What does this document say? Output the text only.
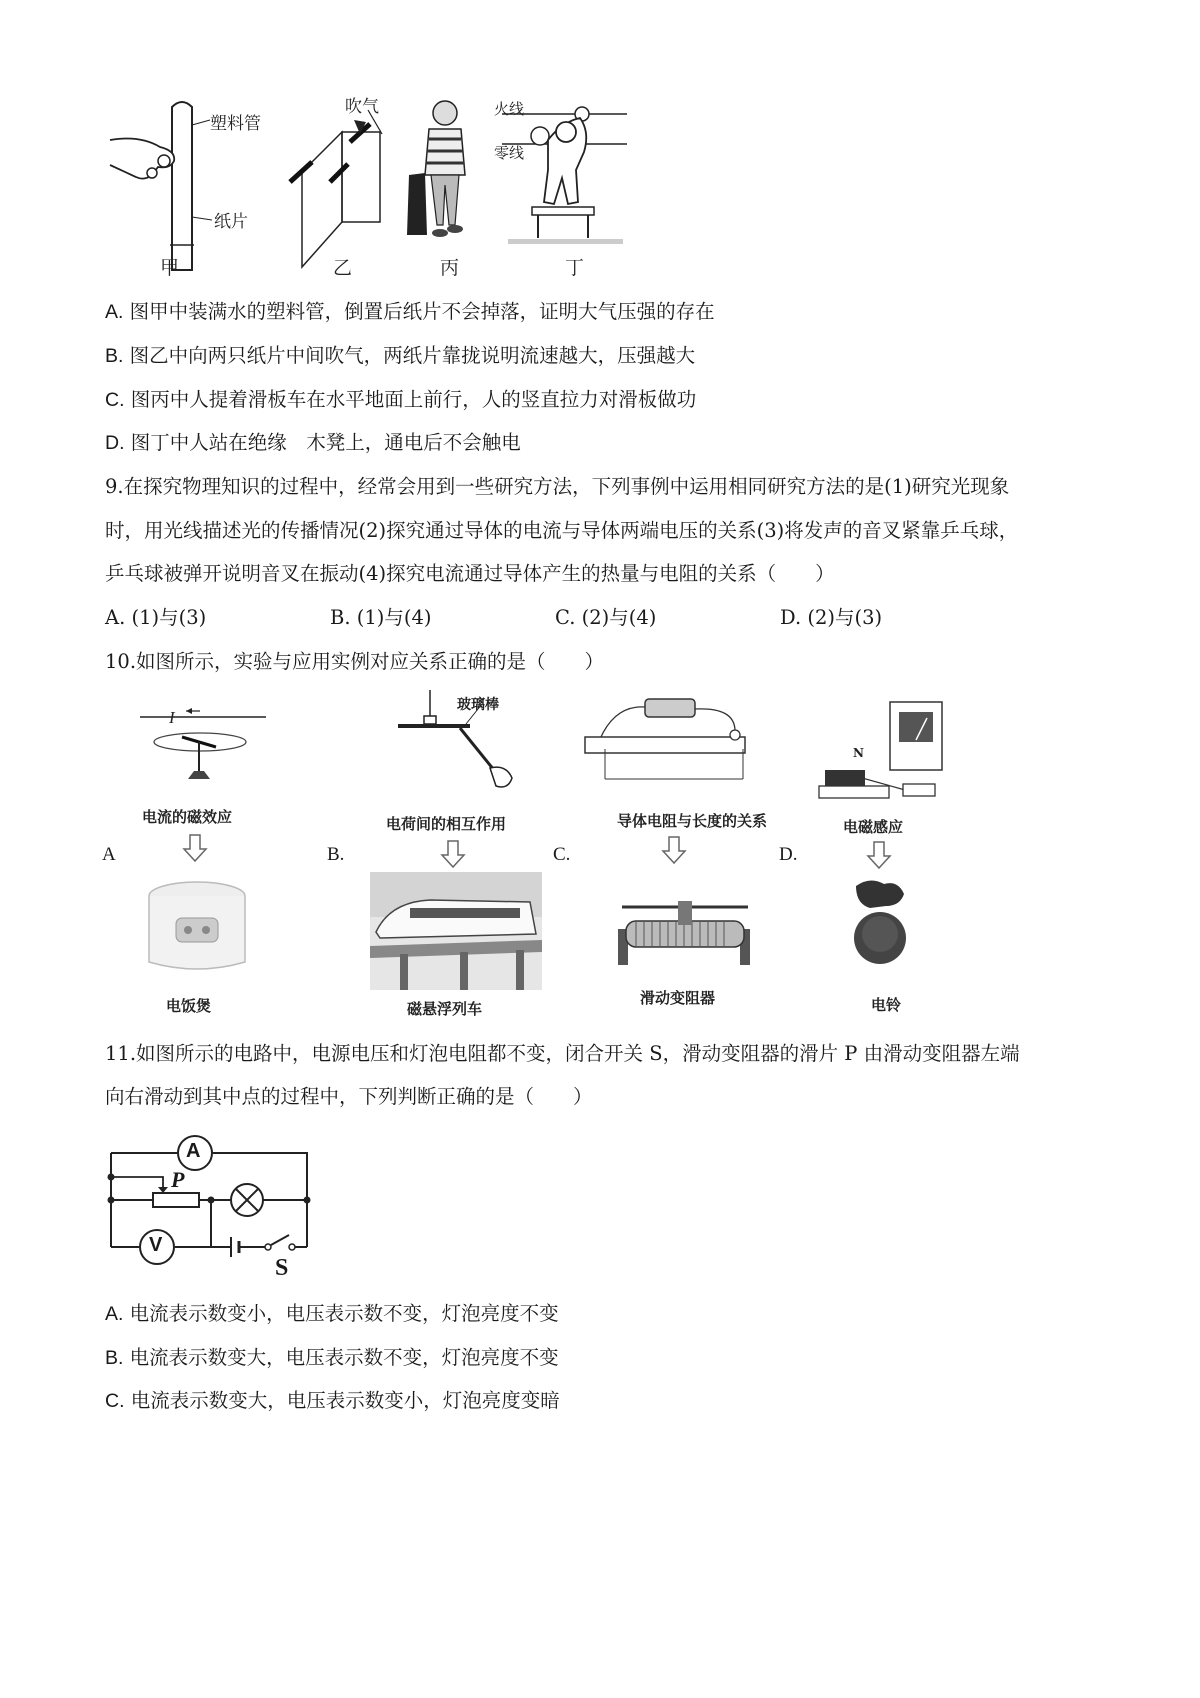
塑料管
纸片
甲
吹气
乙	丙
火线
零线
丁
A. 图甲中装满水的塑料管，倒置后纸片不会掉落，证明大气压强的存在
B. 图乙中向两只纸片中间吹气，两纸片靠拢说明流速越大，压强越大
C. 图丙中人提着滑板车在水平地面上前行，人的竖直拉力对滑板做功
D. 图丁中人站在绝缘　木凳上，通电后不会触电
9.在探究物理知识的过程中，经常会用到一些研究方法，下列事例中运用相同研究方法的是(1)研究光现象
时，用光线描述光的传播情况(2)探究通过导体的电流与导体两端电压的关系(3)将发声的音叉紧靠乒乓球，
乒乓球被弹开说明音叉在振动(4)探究电流通过导体产生的热量与电阻的关系（　　）
A. (1)与(3)	B. (1)与(4)	C. (2)与(4)	D. (2)与(3)
10.如图所示，实验与应用实例对应关系正确的是（　　）
I
电流的磁效应
A
电饭煲
玻璃棒
电荷间的相互作用
B.
磁悬浮列车
导体电阻与长度的关系
C.
滑动变阻器
N
电磁感应
D.
电铃
11.如图所示的电路中，电源电压和灯泡电阻都不变，闭合开关 S，滑动变阻器的滑片 P 由滑动变阻器左端
向右滑动到其中点的过程中，下列判断正确的是（　　）
A
V
P
S
A. 电流表示数变小，电压表示数不变，灯泡亮度不变
B. 电流表示数变大，电压表示数不变，灯泡亮度不变
C. 电流表示数变大，电压表示数变小，灯泡亮度变暗
